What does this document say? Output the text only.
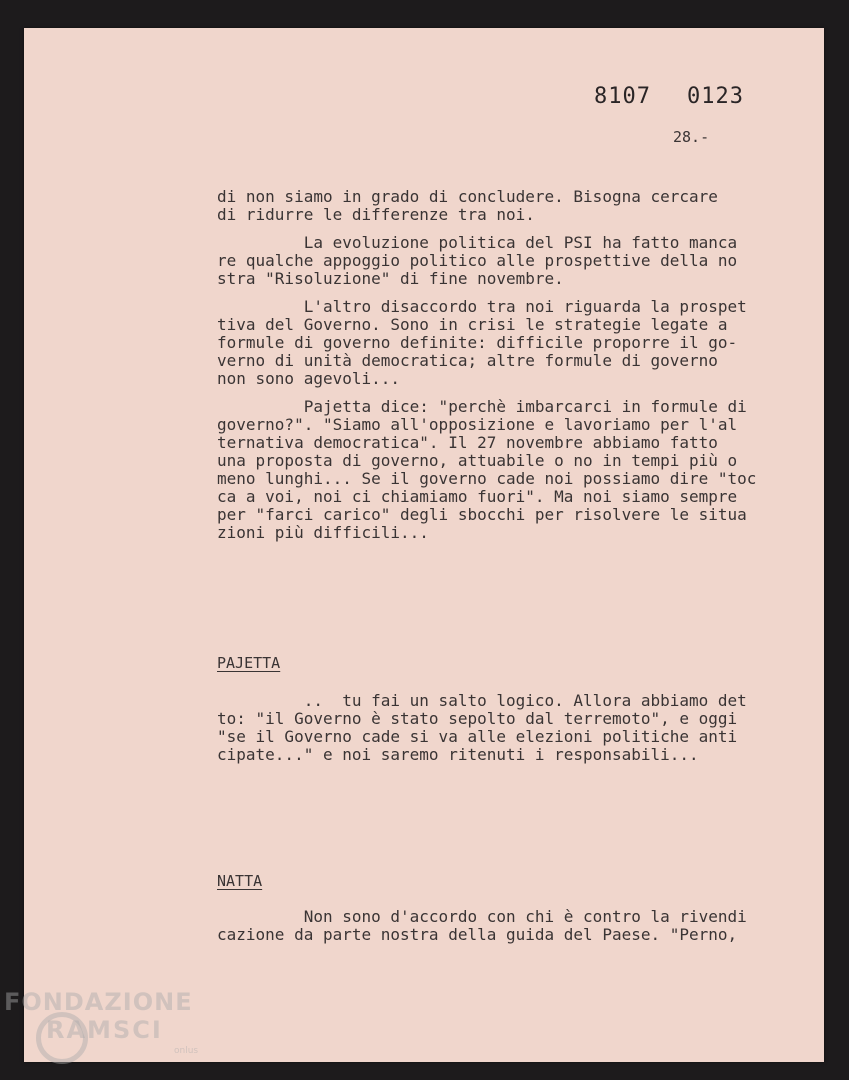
8107 0123
28.-
di non siamo in grado di concludere. Bisogna cercare
di ridurre le differenze tra noi.
La evoluzione politica del PSI ha fatto manca
re qualche appoggio politico alle prospettive della no
stra "Risoluzione" di fine novembre.
L'altro disaccordo tra noi riguarda la prospet
tiva del Governo. Sono in crisi le strategie legate a
formule di governo definite: difficile proporre il go-
verno di unità democratica; altre formule di governo
non sono agevoli...
Pajetta dice: "perchè imbarcarci in formule di
governo?". "Siamo all'opposizione e lavoriamo per l'al
ternativa democratica". Il 27 novembre abbiamo fatto
una proposta di governo, attuabile o no in tempi più o
meno lunghi... Se il governo cade noi possiamo dire "toc
ca a voi, noi ci chiamiamo fuori". Ma noi siamo sempre
per "farci carico" degli sbocchi per risolvere le situa
zioni più difficili...
PAJETTA
..  tu fai un salto logico. Allora abbiamo det
to: "il Governo è stato sepolto dal terremoto", e oggi
"se il Governo cade si va alle elezioni politiche anti
cipate..." e noi saremo ritenuti i responsabili...
NATTA
Non sono d'accordo con chi è contro la rivendi
cazione da parte nostra della guida del Paese. "Perno,
FONDAZIONE
RAMSCI
onlus
